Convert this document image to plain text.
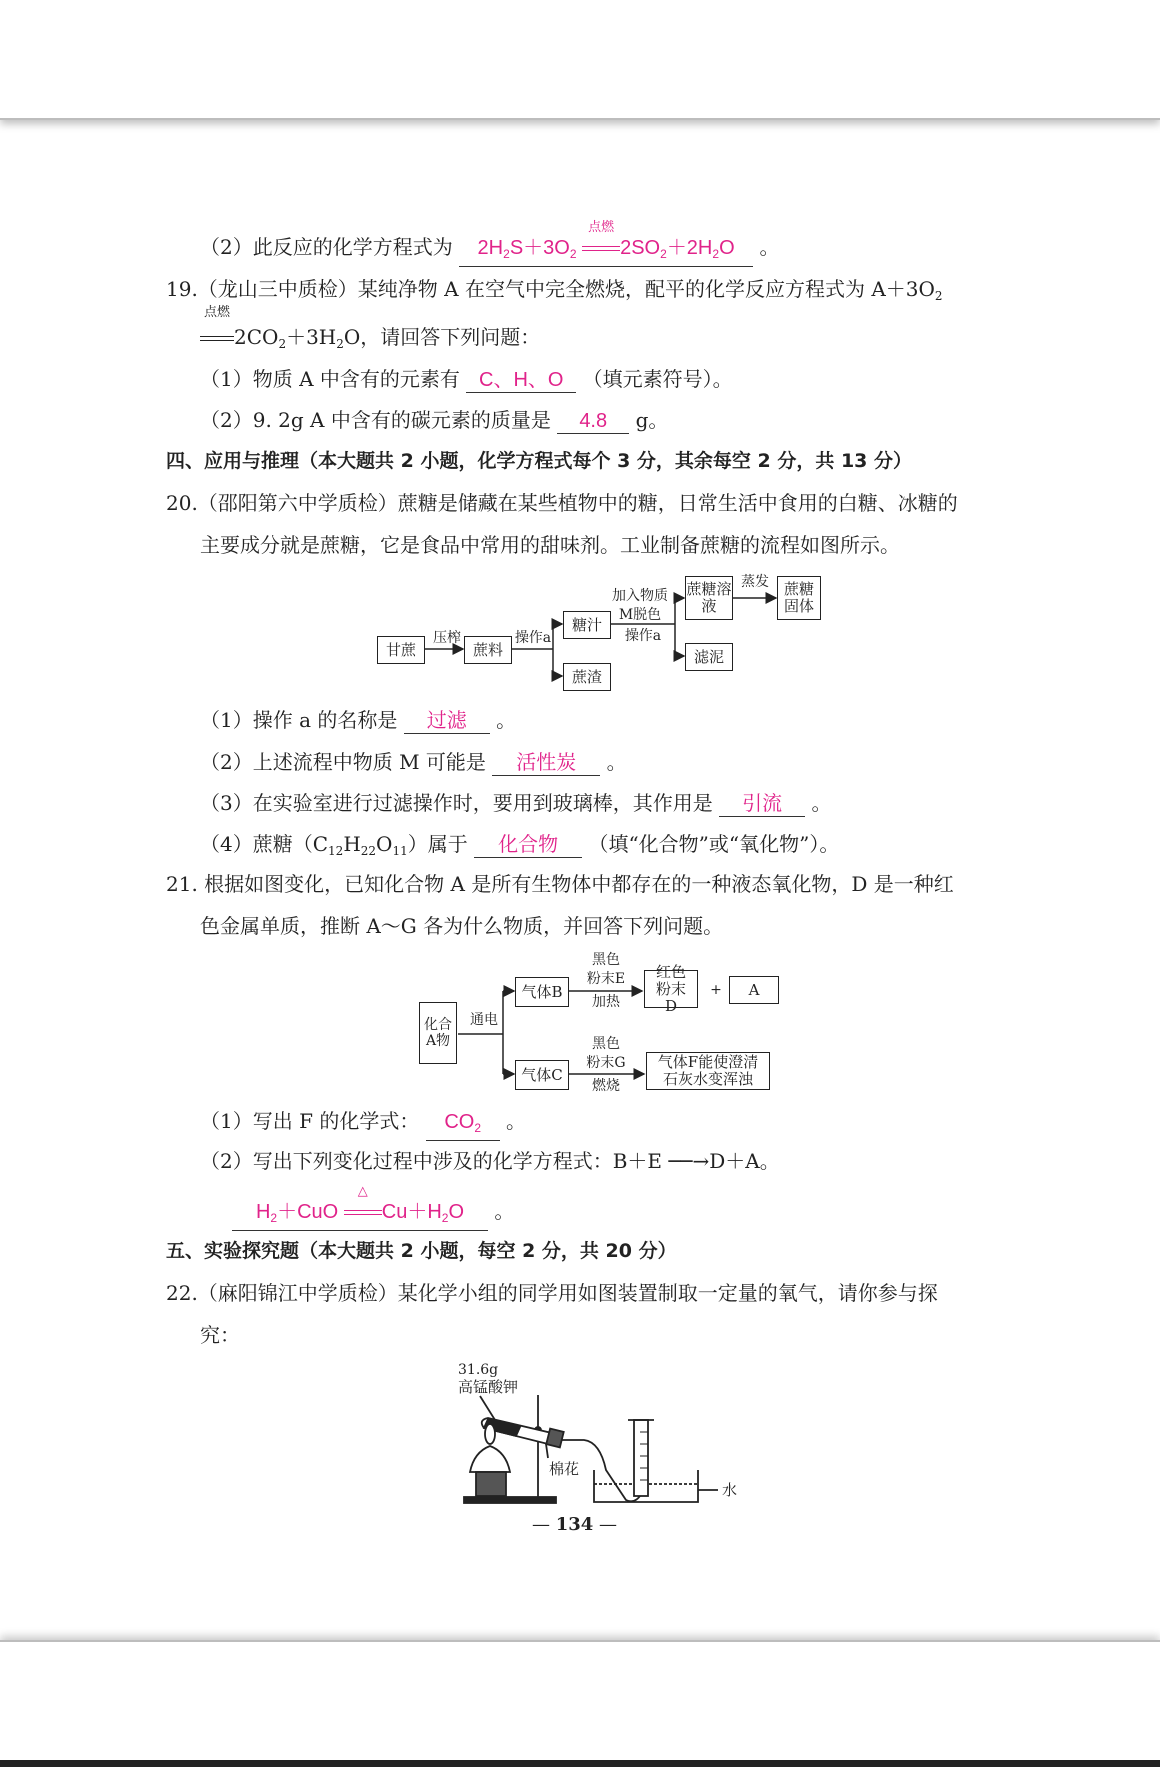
（2）此反应的化学方程式为 $2H_2S+3O_2$
点燃
$2SO_2+2H_2O$ 。
19.（龙山三中质检）某纯净物 A 在空气中完全燃烧，配平的化学反应方程式为 $A+3O_2$
点燃
$2CO_2+3H_2O$，请回答下列问题：
（1）物质 A 中含有的元素有 C、H、O （填元素符号）。
（2）9. 2g A 中含有的碳元素的质量是 4.8 g。
四、应用与推理（本大题共 2 小题，化学方程式每个 3 分，其余每空 2 分，共 13 分）
20.（邵阳第六中学质检）蔗糖是储藏在某些植物中的糖，日常生活中食用的白糖、冰糖的
主要成分就是蔗糖，它是食品中常用的甜味剂。工业制备蔗糖的流程如图所示。
甘蔗
压榨
蔗料
操作a
糖汁
蔗渣
加入物质
M脱色
操作a
蔗糖溶液
蒸发 蔗糖固体
滤泥
（1）操作 a 的名称是 过滤 。
（2）上述流程中物质 M 可能是 活性炭 。
（3）在实验室进行过滤操作时，要用到玻璃棒，其作用是 引流 。
（4）蔗糖$(C_{12}H_{22}O_{11})$属于 化合物 （填“化合物”或“氧化物”）。
21. 根据如图变化，已知化合物 A 是所有生物体中都存在的一种液态氧化物，D 是一种红
色金属单质，推断 A～G 各为什么物质，并回答下列问题。
化合A物
通电
气体B
气体C
黑色
粉末E
加热
黑色
粉末G
燃烧
红色粉末D
+	A
气体F能使澄清石灰水变浑浊
（1）写出 F 的化学式： $CO_2$ 。
（2）写出下列变化过程中涉及的化学方程式：B＋E ──→D＋A。
$H_2+CuO$
△
$Cu+H_2O$ 。
五、实验探究题（本大题共 2 小题，每空 2 分，共 20 分）
22.（麻阳锦江中学质检）某化学小组的同学用如图装置制取一定量的氧气，请你参与探
究：
31.6g
高锰酸钾
棉花
水
— 134 —
